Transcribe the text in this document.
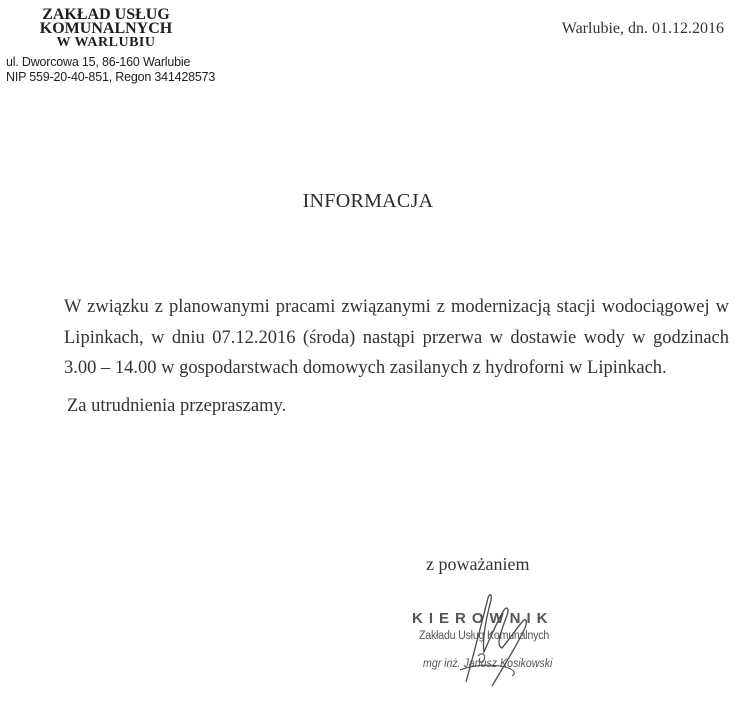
ZAKŁAD USŁUG
KOMUNALNYCH
W WARLUBIU
ul. Dworcowa 15, 86-160 Warlubie
NIP 559-20-40-851, Regon 341428573
Warlubie, dn. 01.12.2016
INFORMACJA

W związku z planowanymi pracami związanymi z modernizacją stacji wodociągowej w Lipinkach, w dniu 07.12.2016 (środa) nastąpi przerwa w dostawie wody w godzinach 3.00 – 14.00 w gospodarstwach domowych zasilanych z hydroforni w Lipinkach.

Za utrudnienia przepraszamy.

z poważaniem
KIEROWNIK
Zakładu Usług Komunalnych
mgr inż. Janusz Kosikowski
